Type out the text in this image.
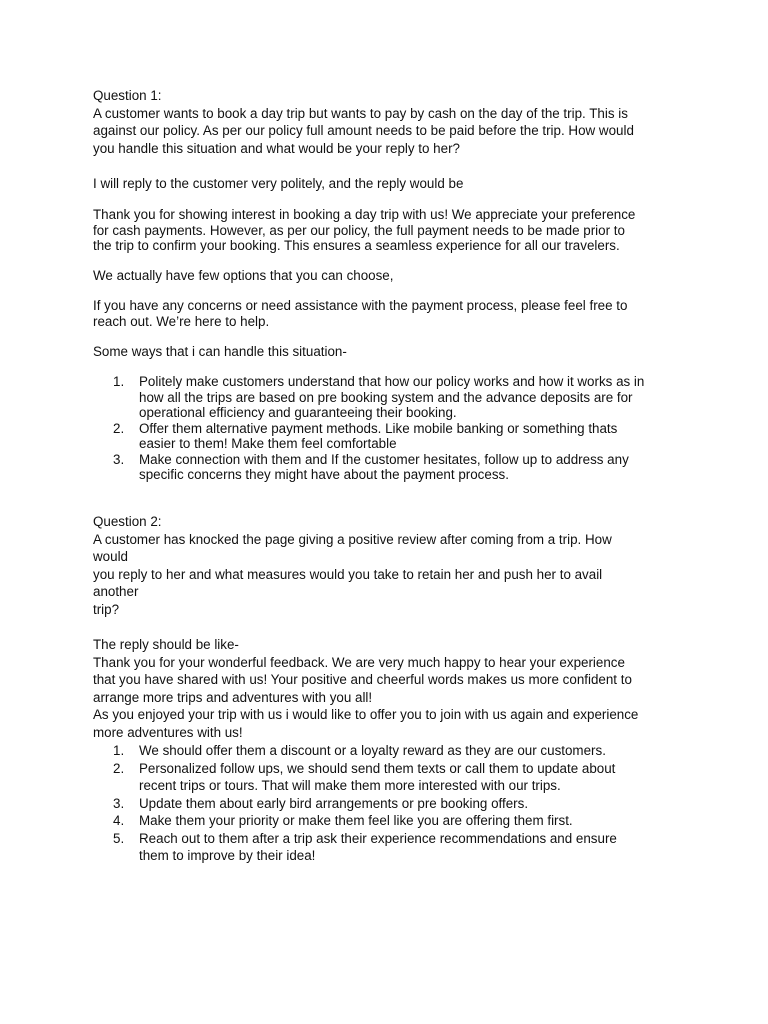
Question 1:

A customer wants to book a day trip but wants to pay by cash on the day of the trip. This is

against our policy. As per our policy full amount needs to be paid before the trip. How would

you handle this situation and what would be your reply to her?

I will reply to the customer very politely, and the reply would be

Thank you for showing interest in booking a day trip with us! We appreciate your preference

for cash payments. However, as per our policy, the full payment needs to be made prior to

the trip to confirm your booking. This ensures a seamless experience for all our travelers.

We actually have few options that you can choose,

If you have any concerns or need assistance with the payment process, please feel free to

reach out. We’re here to help.

Some ways that i can handle this situation-

1. Politely make customers understand that how our policy works and how it works as in
how all the trips are based on pre booking system and the advance deposits are for
operational efficiency and guaranteeing their booking.
2. Offer them alternative payment methods. Like mobile banking or something thats
easier to them! Make them feel comfortable
3. Make connection with them and If the customer hesitates, follow up to address any
specific concerns they might have about the payment process.

Question 2:

A customer has knocked the page giving a positive review after coming from a trip. How

would

you reply to her and what measures would you take to retain her and push her to avail

another

trip?

The reply should be like-

Thank you for your wonderful feedback. We are very much happy to hear your experience

that you have shared with us! Your positive and cheerful words makes us more confident to

arrange more trips and adventures with you all!

As you enjoyed your trip with us i would like to offer you to join with us again and experience

more adventures with us!

1. We should offer them a discount or a loyalty reward as they are our customers.
2. Personalized follow ups, we should send them texts or call them to update about
recent trips or tours. That will make them more interested with our trips.
3. Update them about early bird arrangements or pre booking offers.
4. Make them your priority or make them feel like you are offering them first.
5. Reach out to them after a trip ask their experience recommendations and ensure
them to improve by their idea!
